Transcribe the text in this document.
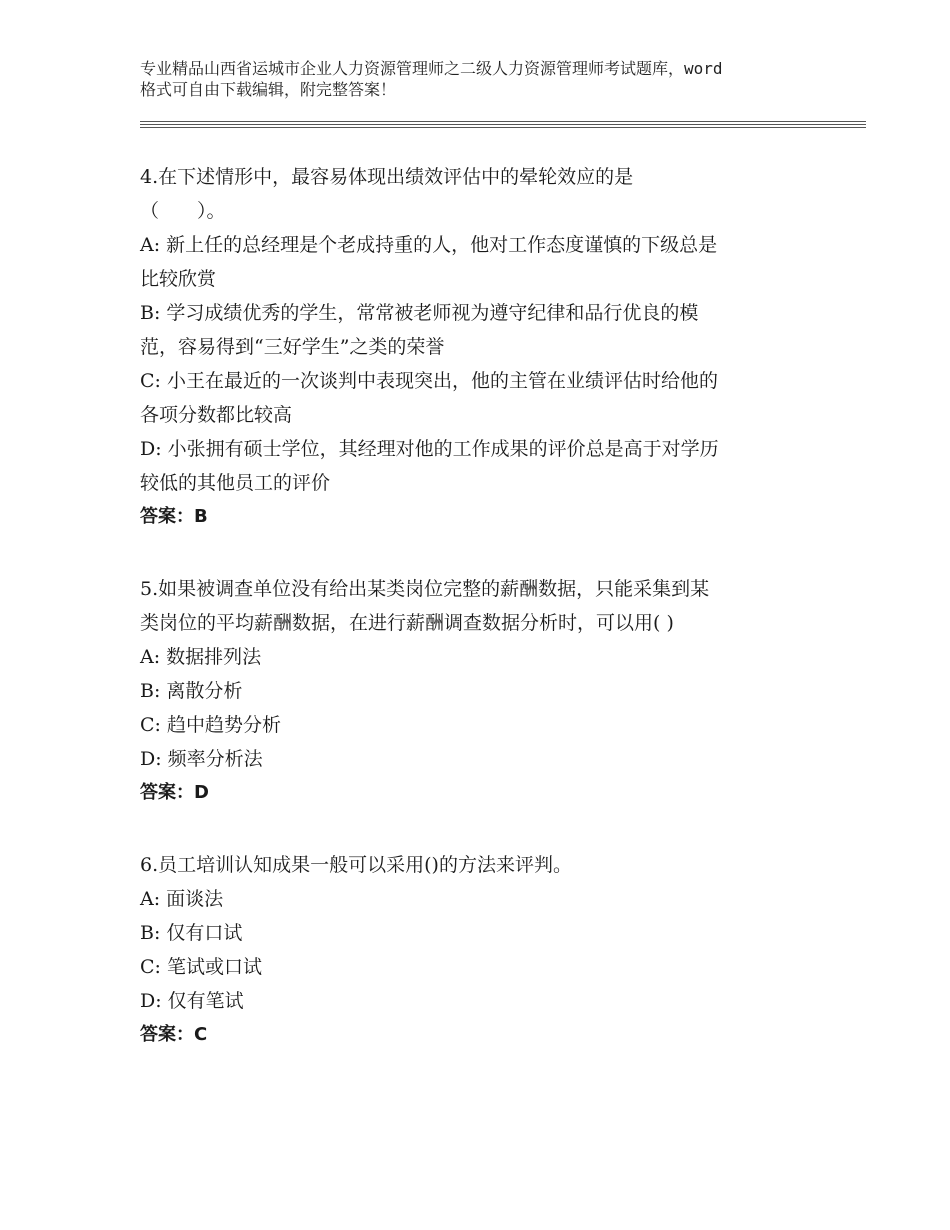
专业精品山西省运城市企业人力资源管理师之二级人力资源管理师考试题库，word
格式可自由下载编辑，附完整答案！
4.在下述情形中，最容易体现出绩效评估中的晕轮效应的是
（　　）。
A: 新上任的总经理是个老成持重的人，他对工作态度谨慎的下级总是
比较欣赏
B: 学习成绩优秀的学生，常常被老师视为遵守纪律和品行优良的模
范，容易得到“三好学生”之类的荣誉
C: 小王在最近的一次谈判中表现突出，他的主管在业绩评估时给他的
各项分数都比较高
D: 小张拥有硕士学位，其经理对他的工作成果的评价总是高于对学历
较低的其他员工的评价
答案：B
5.如果被调查单位没有给出某类岗位完整的薪酬数据，只能采集到某
类岗位的平均薪酬数据，在进行薪酬调查数据分析时，可以用( )
A: 数据排列法
B: 离散分析
C: 趋中趋势分析
D: 频率分析法
答案：D
6.员工培训认知成果一般可以采用()的方法来评判。
A: 面谈法
B: 仅有口试
C: 笔试或口试
D: 仅有笔试
答案：C
